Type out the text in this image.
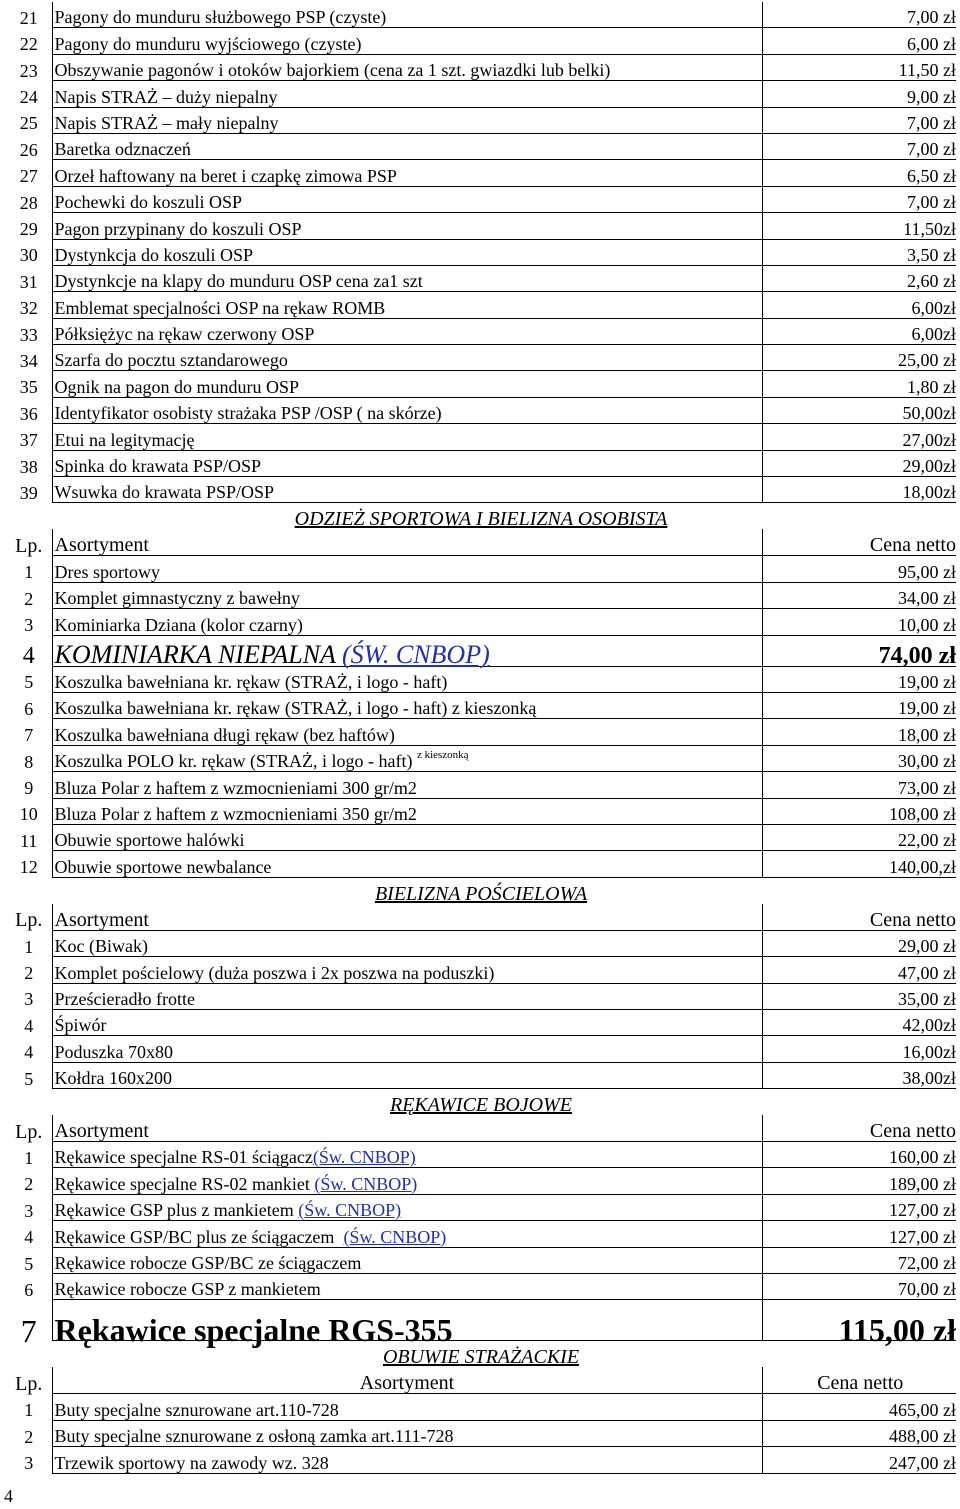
21	Pagony do munduru służbowego PSP (czyste)	7,00 zł
22	Pagony do munduru wyjściowego (czyste)	6,00 zł
23	Obszywanie pagonów i otoków bajorkiem (cena za 1 szt. gwiazdki lub belki)	11,50 zł
24	Napis STRAŻ – duży niepalny	9,00 zł
25	Napis STRAŻ – mały niepalny	7,00 zł
26	Baretka odznaczeń	7,00 zł
27	Orzeł haftowany na beret i czapkę zimowa PSP	6,50 zł
28	Pochewki do koszuli OSP	7,00 zł
29	Pagon przypinany do koszuli OSP	11,50zł
30	Dystynkcja do koszuli OSP	3,50 zł
31	Dystynkcje na klapy do munduru OSP cena za1 szt	2,60 zł
32	Emblemat specjalności OSP na rękaw ROMB	6,00zł
33	Półksiężyc na rękaw czerwony OSP	6,00zł
34	Szarfa do pocztu sztandarowego	25,00 zł
35	Ognik na pagon do munduru OSP	1,80 zł
36	Identyfikator osobisty strażaka PSP /OSP ( na skórze)	50,00zł
37	Etui na legitymację	27,00zł
38	Spinka do krawata PSP/OSP	29,00zł
39	Wsuwka do krawata PSP/OSP	18,00zł
ODZIEŻ SPORTOWA I BIELIZNA OSOBISTA		
Lp.	Asortyment	Cena netto
1	Dres sportowy	95,00 zł
2	Komplet gimnastyczny z bawełny	34,00 zł
3	Kominiarka Dziana (kolor czarny)	10,00 zł
4	KOMINIARKA NIEPALNA (ŚW. CNBOP)	74,00 zł
5	Koszulka bawełniana kr. rękaw (STRAŻ, i logo - haft)	19,00 zł
6	Koszulka bawełniana kr. rękaw (STRAŻ, i logo - haft) z kieszonką	19,00 zł
7	Koszulka bawełniana długi rękaw (bez haftów)	18,00 zł
8	Koszulka POLO kr. rękaw (STRAŻ, i logo - haft) $^{z kieszonką}$	30,00 zł
9	Bluza Polar z haftem z wzmocnieniami 300 gr/m2	73,00 zł
10	Bluza Polar z haftem z wzmocnieniami 350 gr/m2	108,00 zł
11	Obuwie sportowe halówki	22,00 zł
12	Obuwie sportowe newbalance	140,00,zł
BIELIZNA POŚCIELOWA		
Lp.	Asortyment	Cena netto
1	Koc (Biwak)	29,00 zł
2	Komplet pościelowy (duża poszwa i 2x poszwa na poduszki)	47,00 zł
3	Prześcieradło frotte	35,00 zł
4	Śpiwór	42,00zł
4	Poduszka 70x80	16,00zł
5	Kołdra 160x200	38,00zł
RĘKAWICE BOJOWE		
Lp.	Asortyment	Cena netto
1	Rękawice specjalne RS-01 ściągacz(Św. CNBOP)	160,00 zł
2	Rękawice specjalne RS-02 mankiet (Św. CNBOP)	189,00 zł
3	Rękawice GSP plus z mankietem (Św. CNBOP)	127,00 zł
4	Rękawice GSP/BC plus ze ściągaczem  (Św. CNBOP)	127,00 zł
5	Rękawice robocze GSP/BC ze ściągaczem	72,00 zł
6	Rękawice robocze GSP z mankietem	70,00 zł
7	Rękawice specjalne RGS-355	115,00 zł
OBUWIE STRAŻACKIE		
Lp.	Asortyment	Cena netto
1	Buty specjalne sznurowane art.110-728	465,00 zł
2	Buty specjalne sznurowane z osłoną zamka art.111-728	488,00 zł
3	Trzewik sportowy na zawody wz. 328	247,00 zł
4
